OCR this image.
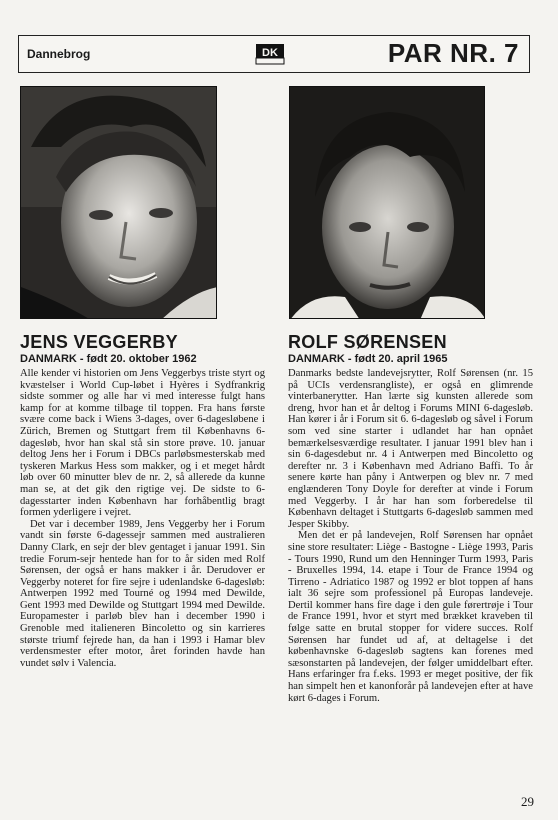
Dannebrog	DK	PAR NR. 7
JENS VEGGERBY
DANMARK - født 20. oktober 1962

Alle kender vi historien om Jens Veggerbys triste styrt og kvæstelser i World Cup-løbet i Hyères i Sydfrankrig sidste sommer og alle har vi med interesse fulgt hans kamp for at komme tilbage til toppen. Fra hans første svære come back i Wiens 3-dages, over 6-dagesløbene i Zürich, Bremen og Stuttgart frem til Københavns 6-dagesløb, hvor han skal stå sin store prøve. 10. januar deltog Jens her i Forum i DBCs parløbsmesterskab med tyskeren Markus Hess som makker, og i et meget hårdt løb over 60 minutter blev de nr. 2, så allerede da kunne man se, at det gik den rigtige vej. De sidste to 6-dagesstarter inden København har forhåbentlig bragt formen yderligere i vejret.

Det var i december 1989, Jens Veggerby her i Forum vandt sin første 6-dagessejr sammen med australieren Danny Clark, en sejr der blev gentaget i januar 1991. Sin tredie Forum-sejr hentede han for to år siden med Rolf Sørensen, der også er hans makker i år. Derudover er Veggerby noteret for fire sejre i udenlandske 6-dagesløb: Antwerpen 1992 med Tourné og 1994 med Dewilde, Gent 1993 med Dewilde og Stuttgart 1994 med Dewilde. Europamester i parløb blev han i december 1990 i Grenoble med italieneren Bincoletto og sin karrieres største triumf fejrede han, da han i 1993 i Hamar blev verdensmester efter motor, året forinden havde han vundet sølv i Valencia.

ROLF SØRENSEN
DANMARK - født 20. april 1965

Danmarks bedste landevejsrytter, Rolf Sørensen (nr. 15 på UCIs verdensrangliste), er også en glimrende vinterbanerytter. Han lærte sig kunsten allerede som dreng, hvor han et år deltog i Forums MINI 6-dagesløb. Han kører i år i Forum sit 6. 6-dagesløb og såvel i Forum som ved sine starter i udlandet har han opnået bemærkelsesværdige resultater. I januar 1991 blev han i sin 6-dagesdebut nr. 4 i Antwerpen med Bincoletto og derefter nr. 3 i København med Adriano Baffi. To år senere kørte han påny i Antwerpen og blev nr. 7 med englænderen Tony Doyle for derefter at vinde i Forum med Veggerby. I år har han som forberedelse til København deltaget i Stuttgarts 6-dagesløb sammen med Jesper Skibby.

Men det er på landevejen, Rolf Sørensen har opnået sine store resultater: Liège - Bastogne - Liège 1993, Paris - Tours 1990, Rund um den Henninger Turm 1993, Paris - Bruxelles 1994, 14. etape i Tour de France 1994 og Tirreno - Adriatico 1987 og 1992 er blot toppen af hans ialt 36 sejre som professionel på Europas landeveje. Dertil kommer hans fire dage i den gule førertrøje i Tour de France 1991, hvor et styrt med brækket kraveben til følge satte en brutal stopper for videre succes. Rolf Sørensen har fundet ud af, at deltagelse i det københavnske 6-dagesløb sagtens kan forenes med sæsonstarten på landevejen, der følger umiddelbart efter. Hans erfaringer fra f.eks. 1993 er meget positive, der fik han simpelt hen et kanonforår på landevejen efter at have kørt 6-dages i Forum.

29
